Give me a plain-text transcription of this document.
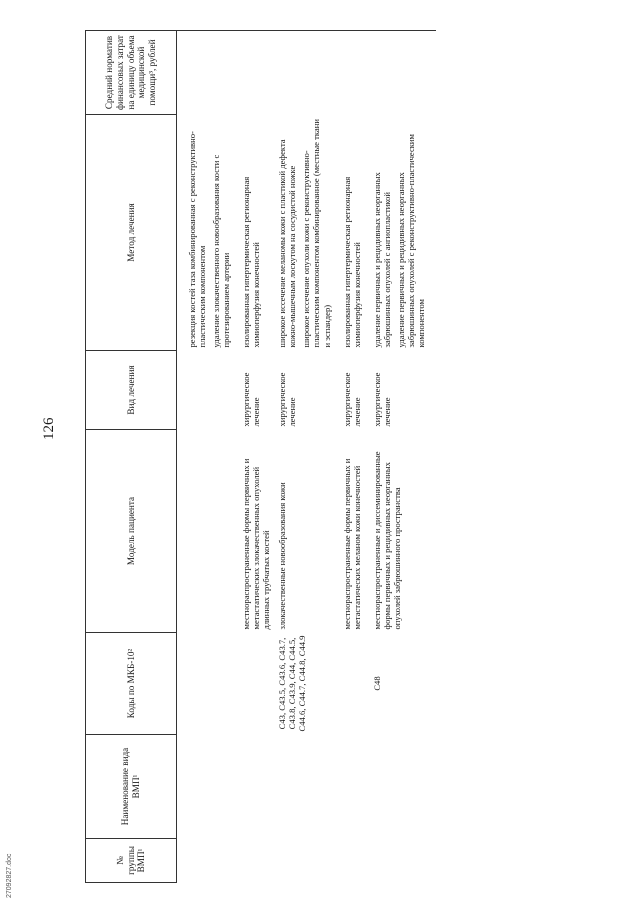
126
№ группы ВМП¹	Наименование вида ВМП¹	Коды по МКБ-10²	Модель пациента	Вид лечения	Метод лечения	Средний норматив финансовых затрат на единицу объема медицинской помощи³, рублей

					резекция костей таза комбинированная с реконструктивно-пластическим компонентом удаление злокачественного новообразования кости с протезированием артерии	

			местнораспространенные формы первичных и метастатических злокачественных опухолей длинных трубчатых костей	хирургическое лечение	изолированная гипертермическая регионарная химиоперфузия конечностей	

		C43, C43.5, C43.6, C43.7, C43.8, C43.9, C44, C44.5, C44.6, C44.7, C44.8, C44.9	злокачественные новообразования кожи	хирургическое лечение	широкое иссечение меланомы кожи с пластикой дефекта кожно-мышечным лоскутом на сосудистой ножке широкое иссечение опухоли кожи с реконструктивно-пластическим компонентом комбинированное (местные ткани и эспандер)	

			местнораспространенные формы первичных и метастатических меланом кожи конечностей	хирургическое лечение	изолированная гипертермическая регионарная химиоперфузия конечностей	

		C48	местнораспространенные и диссеминированные формы первичных и рецидивных неорганных опухолей забрюшинного пространства	хирургическое лечение	удаление первичных и рецидивных неорганных забрюшинных опухолей с ангиопластикой удаление первичных и рецидивных неорганных забрюшинных опухолей с реконструктивно-пластическим компонентом	

27092827.doc
